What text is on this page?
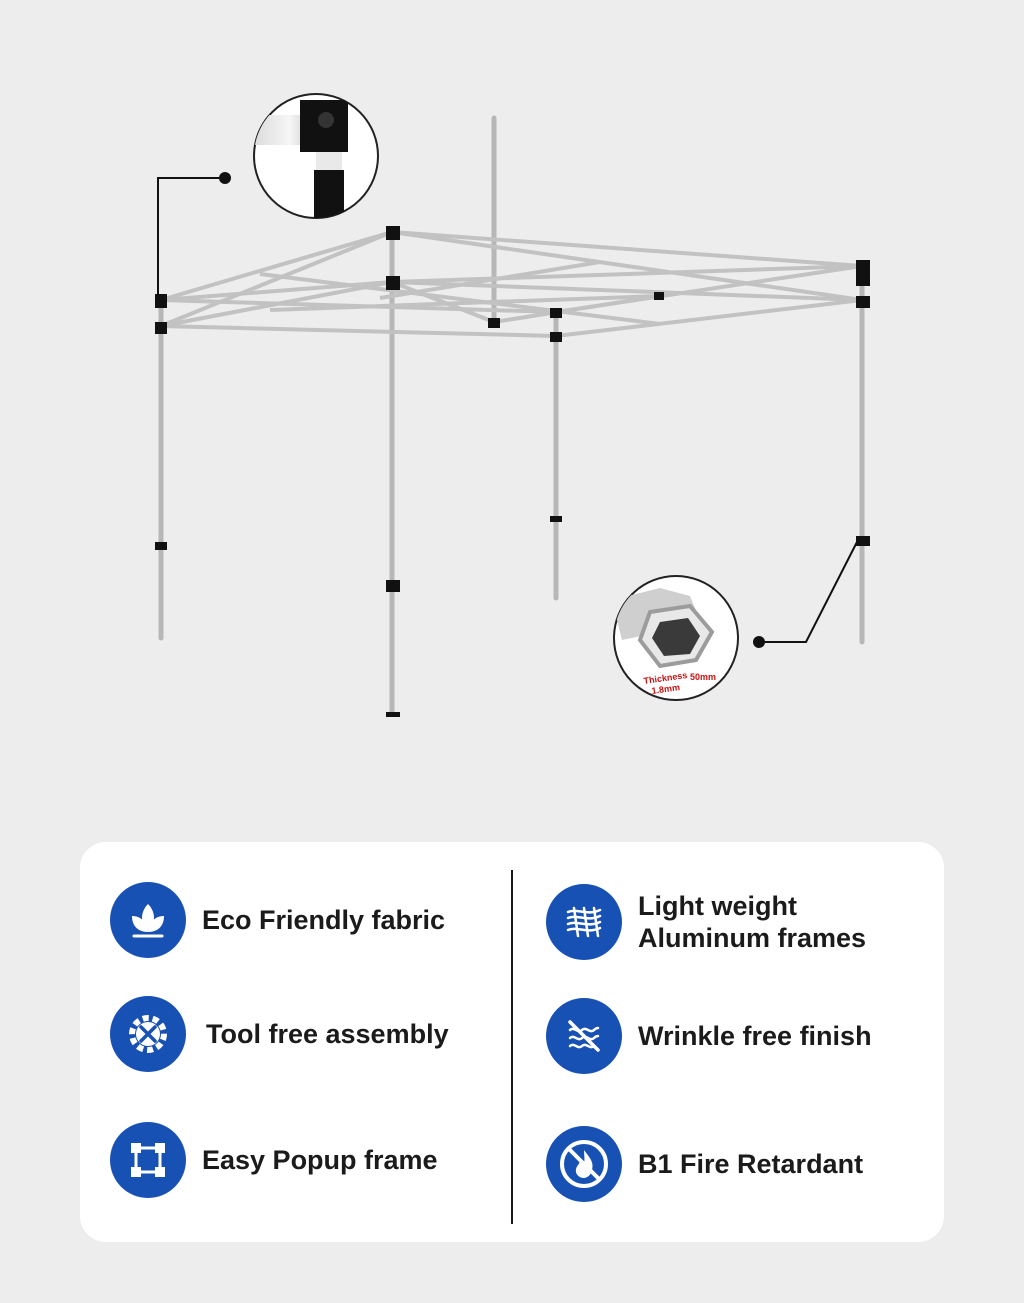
Thickness
1.8mm
50mm
Eco Friendly fabric
Tool free assembly
Easy Popup frame
Light weight
Aluminum frames
Wrinkle free finish
B1 Fire Retardant
